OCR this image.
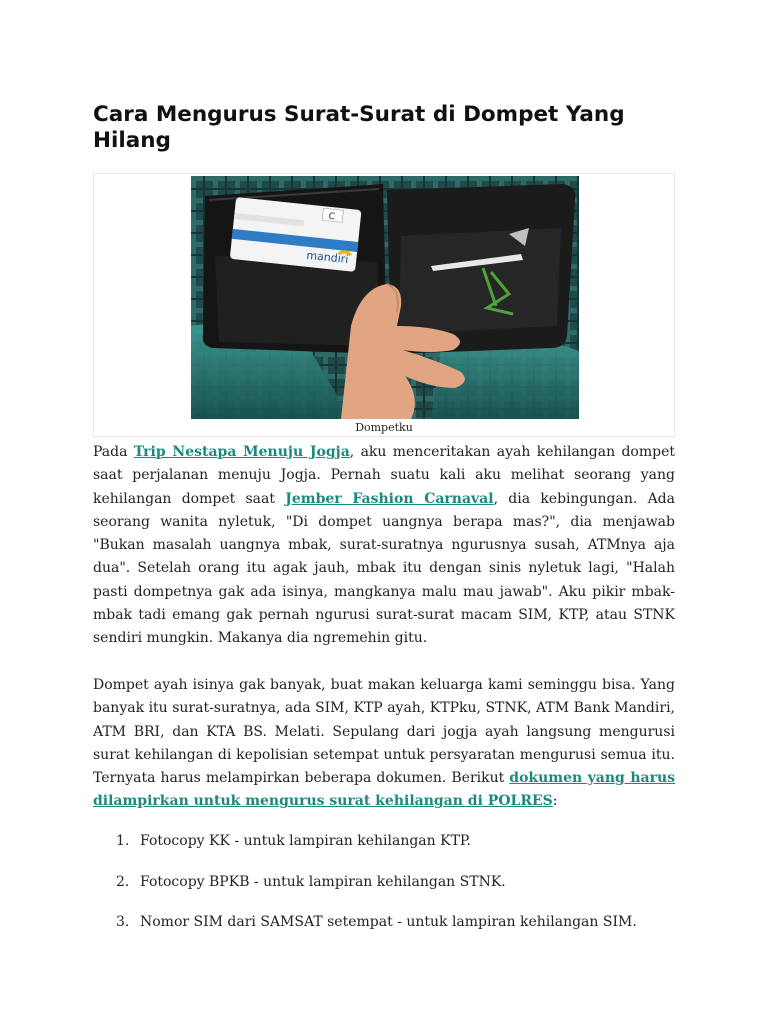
Cara Mengurus Surat-Surat di Dompet Yang Hilang
C
mandiri
Dompetku

Pada Trip Nestapa Menuju Jogja, aku menceritakan ayah kehilangan dompet saat perjalanan menuju Jogja. Pernah suatu kali aku melihat seorang yang kehilangan dompet saat Jember Fashion Carnaval, dia kebingungan. Ada seorang wanita nyletuk, "Di dompet uangnya berapa mas?", dia menjawab "Bukan masalah uangnya mbak, surat-suratnya ngurusnya susah, ATMnya aja dua". Setelah orang itu agak jauh, mbak itu dengan sinis nyletuk lagi, "Halah pasti dompetnya gak ada isinya, mangkanya malu mau jawab". Aku pikir mbak-mbak tadi emang gak pernah ngurusi surat-surat macam SIM, KTP, atau STNK sendiri mungkin. Makanya dia ngremehin gitu.

Dompet ayah isinya gak banyak, buat makan keluarga kami seminggu bisa. Yang banyak itu surat-suratnya, ada SIM, KTP ayah, KTPku, STNK, ATM Bank Mandiri, ATM BRI, dan KTA BS. Melati. Sepulang dari jogja ayah langsung mengurusi surat kehilangan di kepolisian setempat untuk persyaratan mengurusi semua itu. Ternyata harus melampirkan beberapa dokumen. Berikut dokumen yang harus dilampirkan untuk mengurus surat kehilangan di POLRES:

1. Fotocopy KK - untuk lampiran kehilangan KTP.
2. Fotocopy BPKB - untuk lampiran kehilangan STNK.
3. Nomor SIM dari SAMSAT setempat - untuk lampiran kehilangan SIM.
